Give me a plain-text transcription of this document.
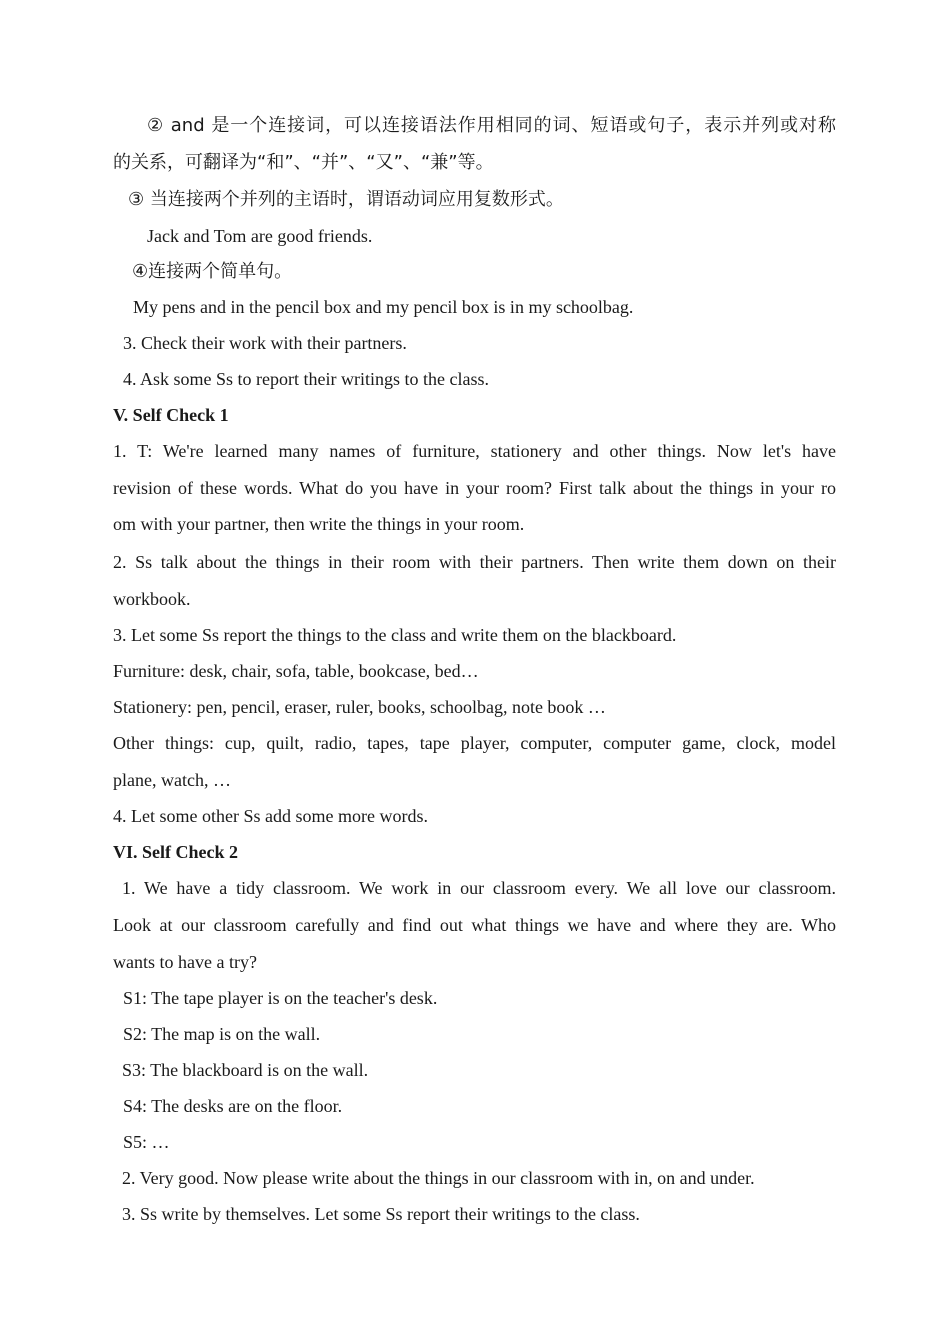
② and 是一个连接词，可以连接语法作用相同的词、短语或句子，表示并列或对称
的关系，可翻译为“和”、“并”、“又”、“兼”等。
③ 当连接两个并列的主语时，谓语动词应用复数形式。
Jack and Tom are good friends.
④连接两个简单句。
My pens and in the pencil box and my pencil box is in my schoolbag.
3. Check their work with their partners.
4. Ask some Ss to report their writings to the class.
V. Self Check 1
1. T: We're learned many names of furniture, stationery and other things. Now let's have
revision of these words. What do you have in your room? First talk about the things in your ro
om with your partner, then write the things in your room.
2. Ss talk about the things in their room with their partners. Then write them down on their
workbook.
3. Let some Ss report the things to the class and write them on the blackboard.
Furniture: desk, chair, sofa, table, bookcase, bed…
Stationery: pen, pencil, eraser, ruler, books, schoolbag, note book …
Other things: cup, quilt, radio, tapes, tape player, computer, computer game, clock, model
plane, watch, …
4. Let some other Ss add some more words.
VI. Self Check 2
1. We have a tidy classroom. We work in our classroom every. We all love our classroom.
Look at our classroom carefully and find out what things we have and where they are. Who
wants to have a try?
S1: The tape player is on the teacher's desk.
S2: The map is on the wall.
S3: The blackboard is on the wall.
S4: The desks are on the floor.
S5: …
2. Very good. Now please write about the things in our classroom with in, on and under.
3. Ss write by themselves. Let some Ss report their writings to the class.
